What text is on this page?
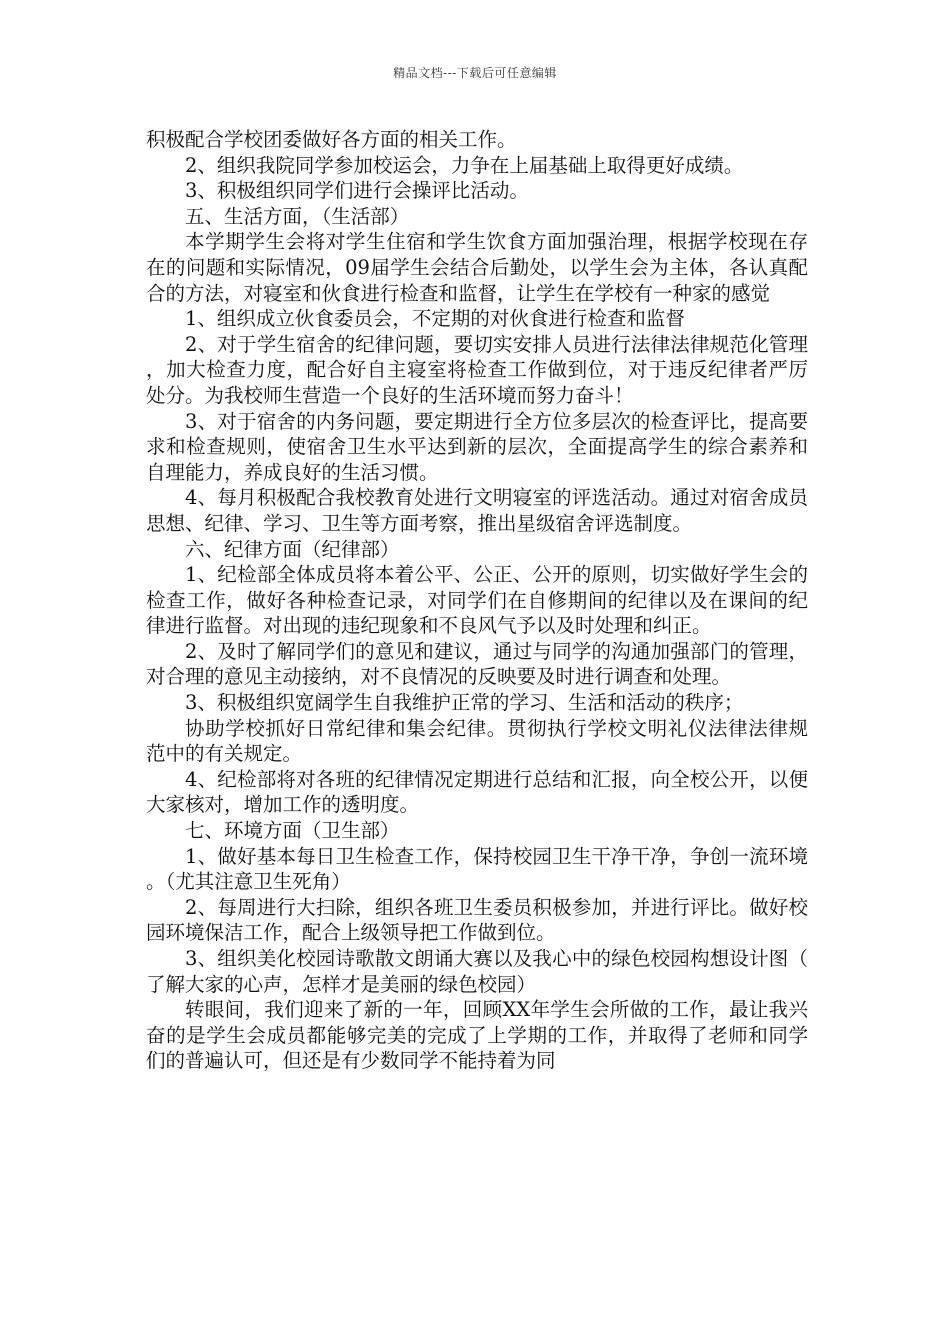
精品文档---下载后可任意编辑

积极配合学校团委做好各方面的相关工作。

2、组织我院同学参加校运会，力争在上届基础上取得更好成绩。

3、积极组织同学们进行会操评比活动。

五、生活方面，（生活部）

本学期学生会将对学生住宿和学生饮食方面加强治理，根据学校现在存在的问题和实际情况，09届学生会结合后勤处，以学生会为主体，各认真配合的方法，对寝室和伙食进行检查和监督，让学生在学校有一种家的感觉

1、组织成立伙食委员会，不定期的对伙食进行检查和监督

2、对于学生宿舍的纪律问题，要切实安排人员进行法律法律规范化管理，加大检查力度，配合好自主寝室将检查工作做到位，对于违反纪律者严厉处分。为我校师生营造一个良好的生活环境而努力奋斗！

3、对于宿舍的内务问题，要定期进行全方位多层次的检查评比，提高要求和检查规则，使宿舍卫生水平达到新的层次，全面提高学生的综合素养和自理能力，养成良好的生活习惯。

4、每月积极配合我校教育处进行文明寝室的评选活动。通过对宿舍成员思想、纪律、学习、卫生等方面考察，推出星级宿舍评选制度。

六、纪律方面（纪律部）

1、纪检部全体成员将本着公平、公正、公开的原则，切实做好学生会的检查工作，做好各种检查记录，对同学们在自修期间的纪律以及在课间的纪律进行监督。对出现的违纪现象和不良风气予以及时处理和纠正。

2、及时了解同学们的意见和建议，通过与同学的沟通加强部门的管理，对合理的意见主动接纳，对不良情况的反映要及时进行调查和处理。

3、积极组织宽阔学生自我维护正常的学习、生活和活动的秩序；

协助学校抓好日常纪律和集会纪律。贯彻执行学校文明礼仪法律法律规范中的有关规定。

4、纪检部将对各班的纪律情况定期进行总结和汇报，向全校公开，以便大家核对，增加工作的透明度。

七、环境方面（卫生部）

1、做好基本每日卫生检查工作，保持校园卫生干净干净，争创一流环境。（尤其注意卫生死角）

2、每周进行大扫除，组织各班卫生委员积极参加，并进行评比。做好校园环境保洁工作，配合上级领导把工作做到位。

3、组织美化校园诗歌散文朗诵大赛以及我心中的绿色校园构想设计图（了解大家的心声，怎样才是美丽的绿色校园）

转眼间，我们迎来了新的一年，回顾XX年学生会所做的工作，最让我兴奋的是学生会成员都能够完美的完成了上学期的工作，并取得了老师和同学们的普遍认可，但还是有少数同学不能持着为同
